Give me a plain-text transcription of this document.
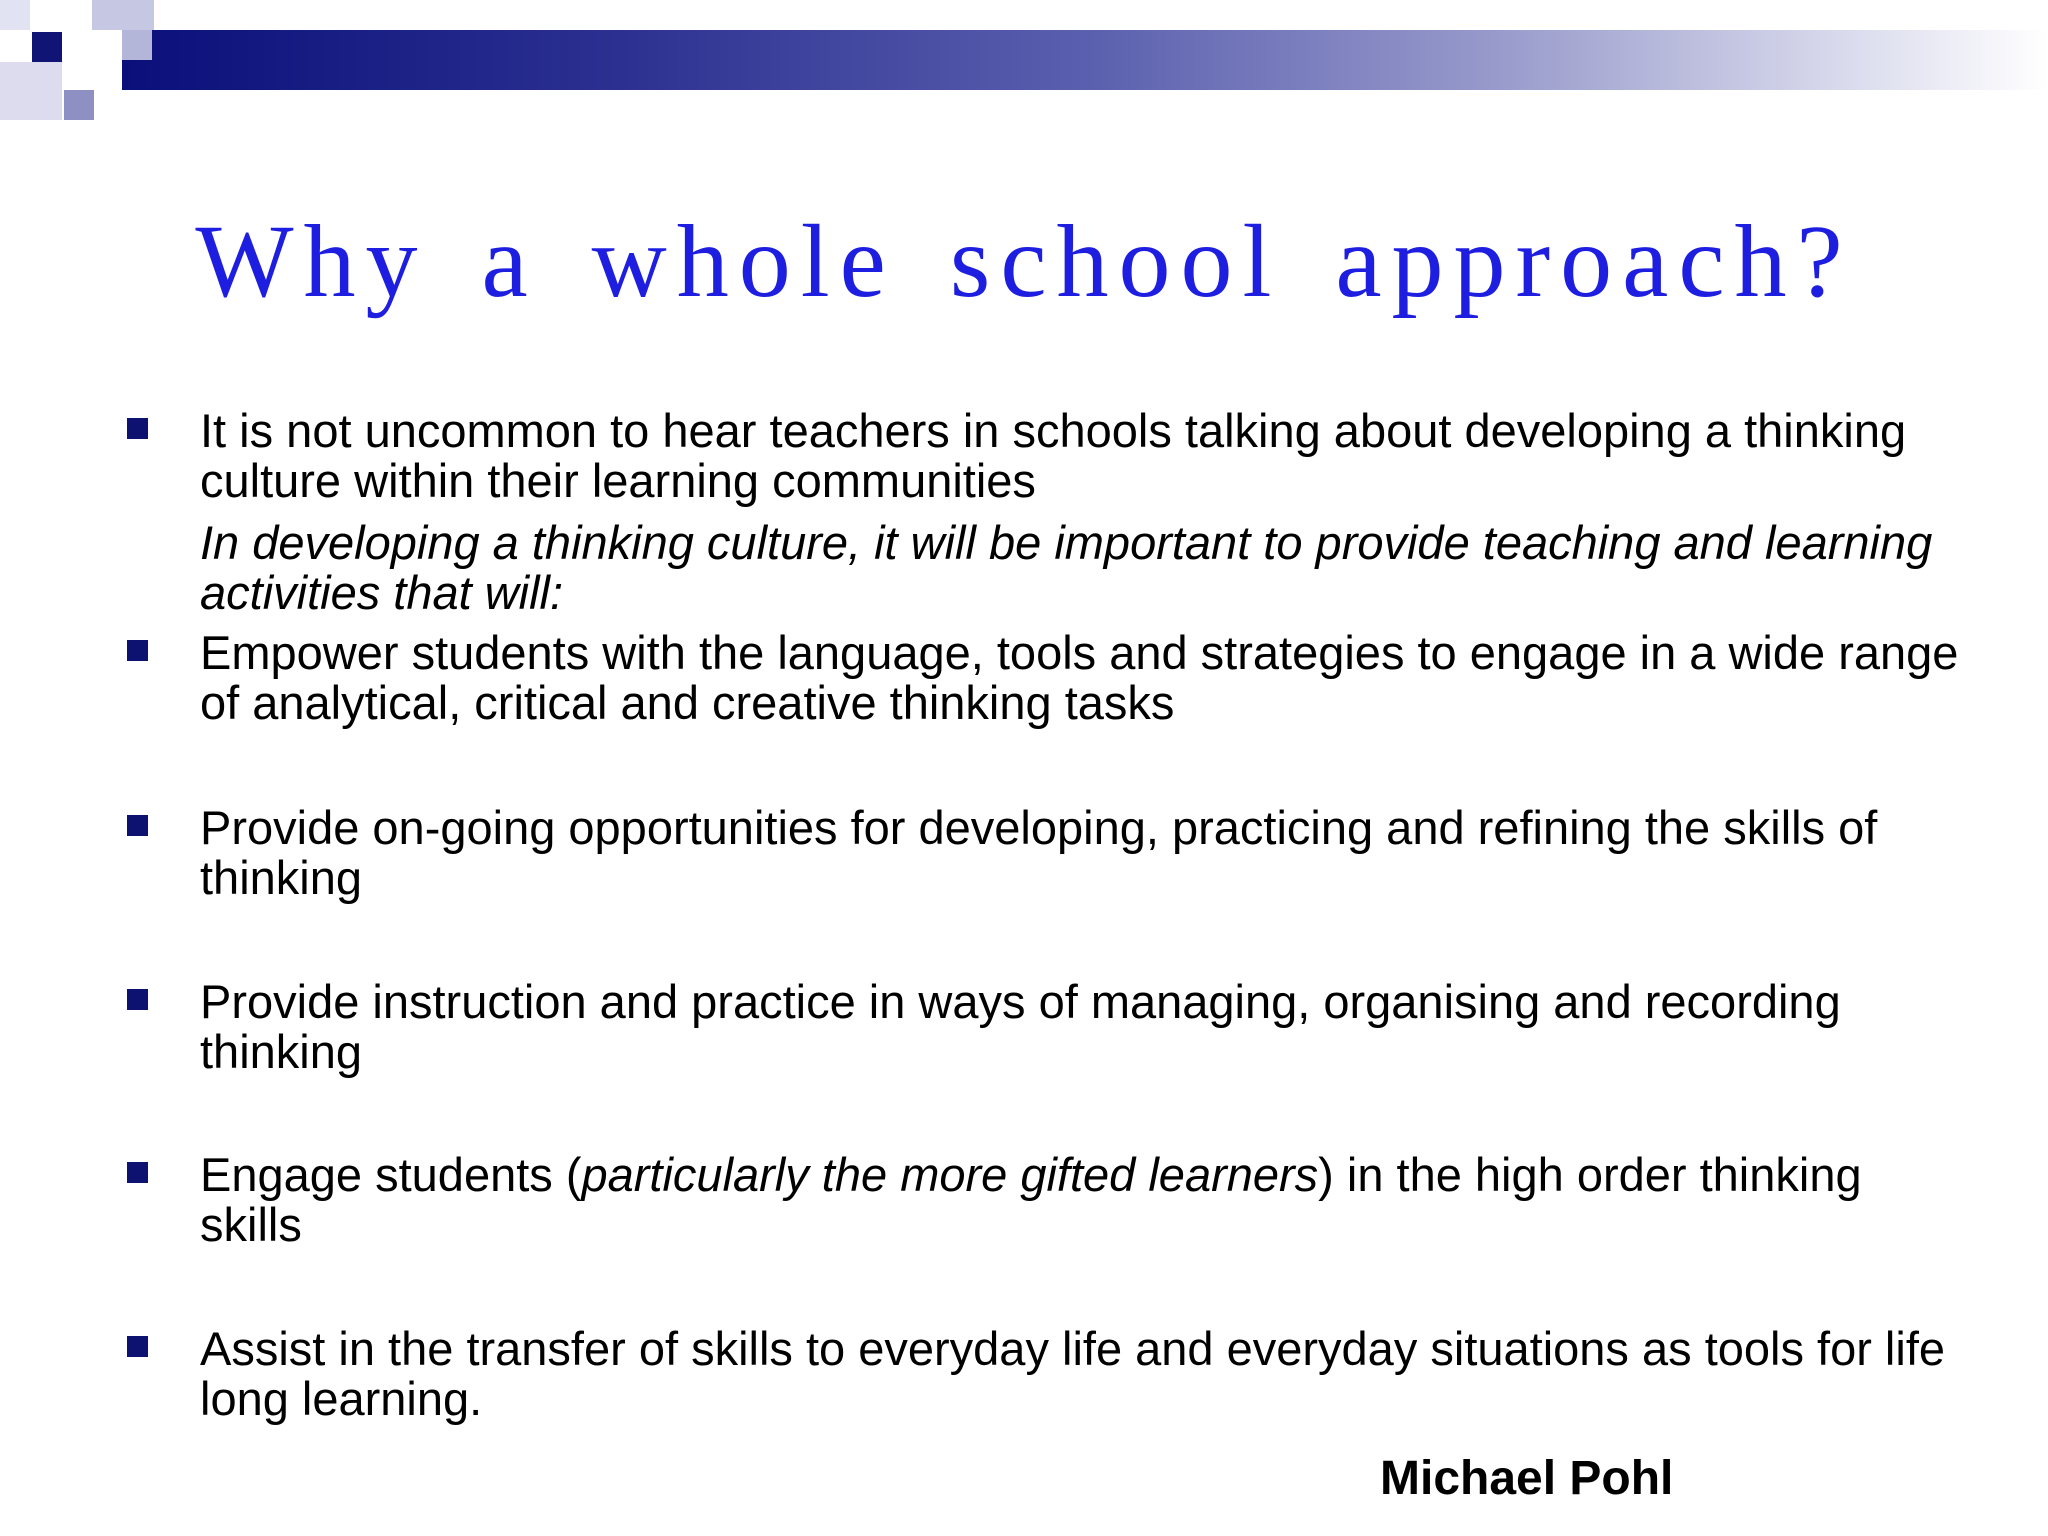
Why a whole school approach?
It is not uncommon to hear teachers in schools talking about developing a thinking culture within their learning communities
In developing a thinking culture, it will be important to provide teaching and learning activities that will:
Empower students with the language, tools and strategies to engage in a wide range of analytical, critical and creative thinking tasks
Provide on-going opportunities for developing, practicing and refining the skills of thinking
Provide instruction and practice in ways of managing, organising and recording thinking
Engage students (particularly the more gifted learners) in the high order thinking skills
Assist in the transfer of skills to everyday life and everyday situations as tools for life long learning.
Michael Pohl
